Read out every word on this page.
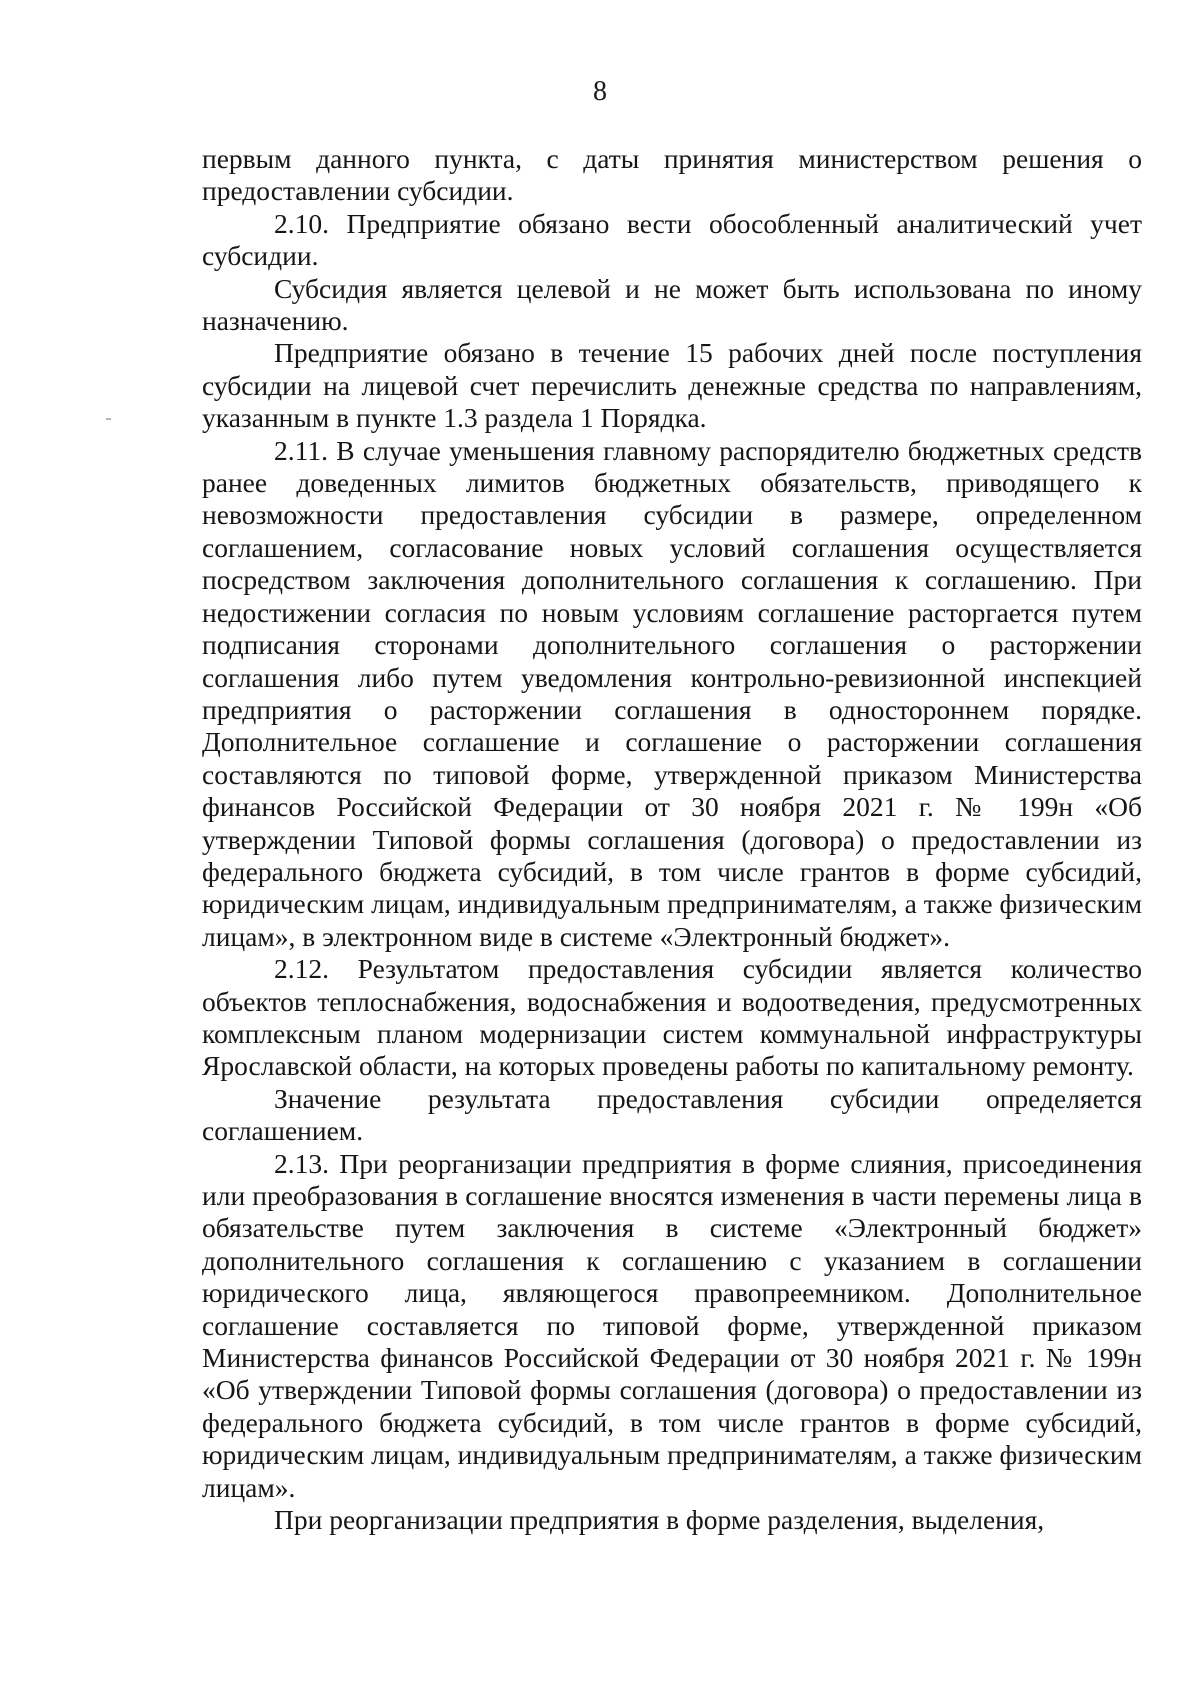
8

первым данного пункта, с даты принятия министерством решения о предоставлении субсидии.

2.10. Предприятие обязано вести обособленный аналитический учет субсидии.

Субсидия является целевой и не может быть использована по иному назначению.

Предприятие обязано в течение 15 рабочих дней после поступления субсидии на лицевой счет перечислить денежные средства по направлениям, указанным в пункте 1.3 раздела 1 Порядка.

2.11. В случае уменьшения главному распорядителю бюджетных средств ранее доведенных лимитов бюджетных обязательств, приводящего к невозможности предоставления субсидии в размере, определенном соглашением, согласование новых условий соглашения осуществляется посредством заключения дополнительного соглашения к соглашению. При недостижении согласия по новым условиям соглашение расторгается путем подписания сторонами дополнительного соглашения о расторжении соглашения либо путем уведомления контрольно-ревизионной инспекцией предприятия о расторжении соглашения в одностороннем порядке. Дополнительное соглашение и соглашение о расторжении соглашения составляются по типовой форме, утвержденной приказом Министерства финансов Российской Федерации от 30 ноября 2021 г. № 199н «Об утверждении Типовой формы соглашения (договора) о предоставлении из федерального бюджета субсидий, в том числе грантов в форме субсидий, юридическим лицам, индивидуальным предпринимателям, а также физическим лицам», в электронном виде в системе «Электронный бюджет».

2.12. Результатом предоставления субсидии является количество объектов теплоснабжения, водоснабжения и водоотведения, предусмотренных комплексным планом модернизации систем коммунальной инфраструктуры Ярославской области, на которых проведены работы по капитальному ремонту.

Значение результата предоставления субсидии определяется соглашением.

2.13. При реорганизации предприятия в форме слияния, присоединения или преобразования в соглашение вносятся изменения в части перемены лица в обязательстве путем заключения в системе «Электронный бюджет» дополнительного соглашения к соглашению с указанием в соглашении юридического лица, являющегося правопреемником. Дополнительное соглашение составляется по типовой форме, утвержденной приказом Министерства финансов Российской Федерации от 30 ноября 2021 г. № 199н «Об утверждении Типовой формы соглашения (договора) о предоставлении из федерального бюджета субсидий, в том числе грантов в форме субсидий, юридическим лицам, индивидуальным предпринимателям, а также физическим лицам».

При реорганизации предприятия в форме разделения, выделения,
